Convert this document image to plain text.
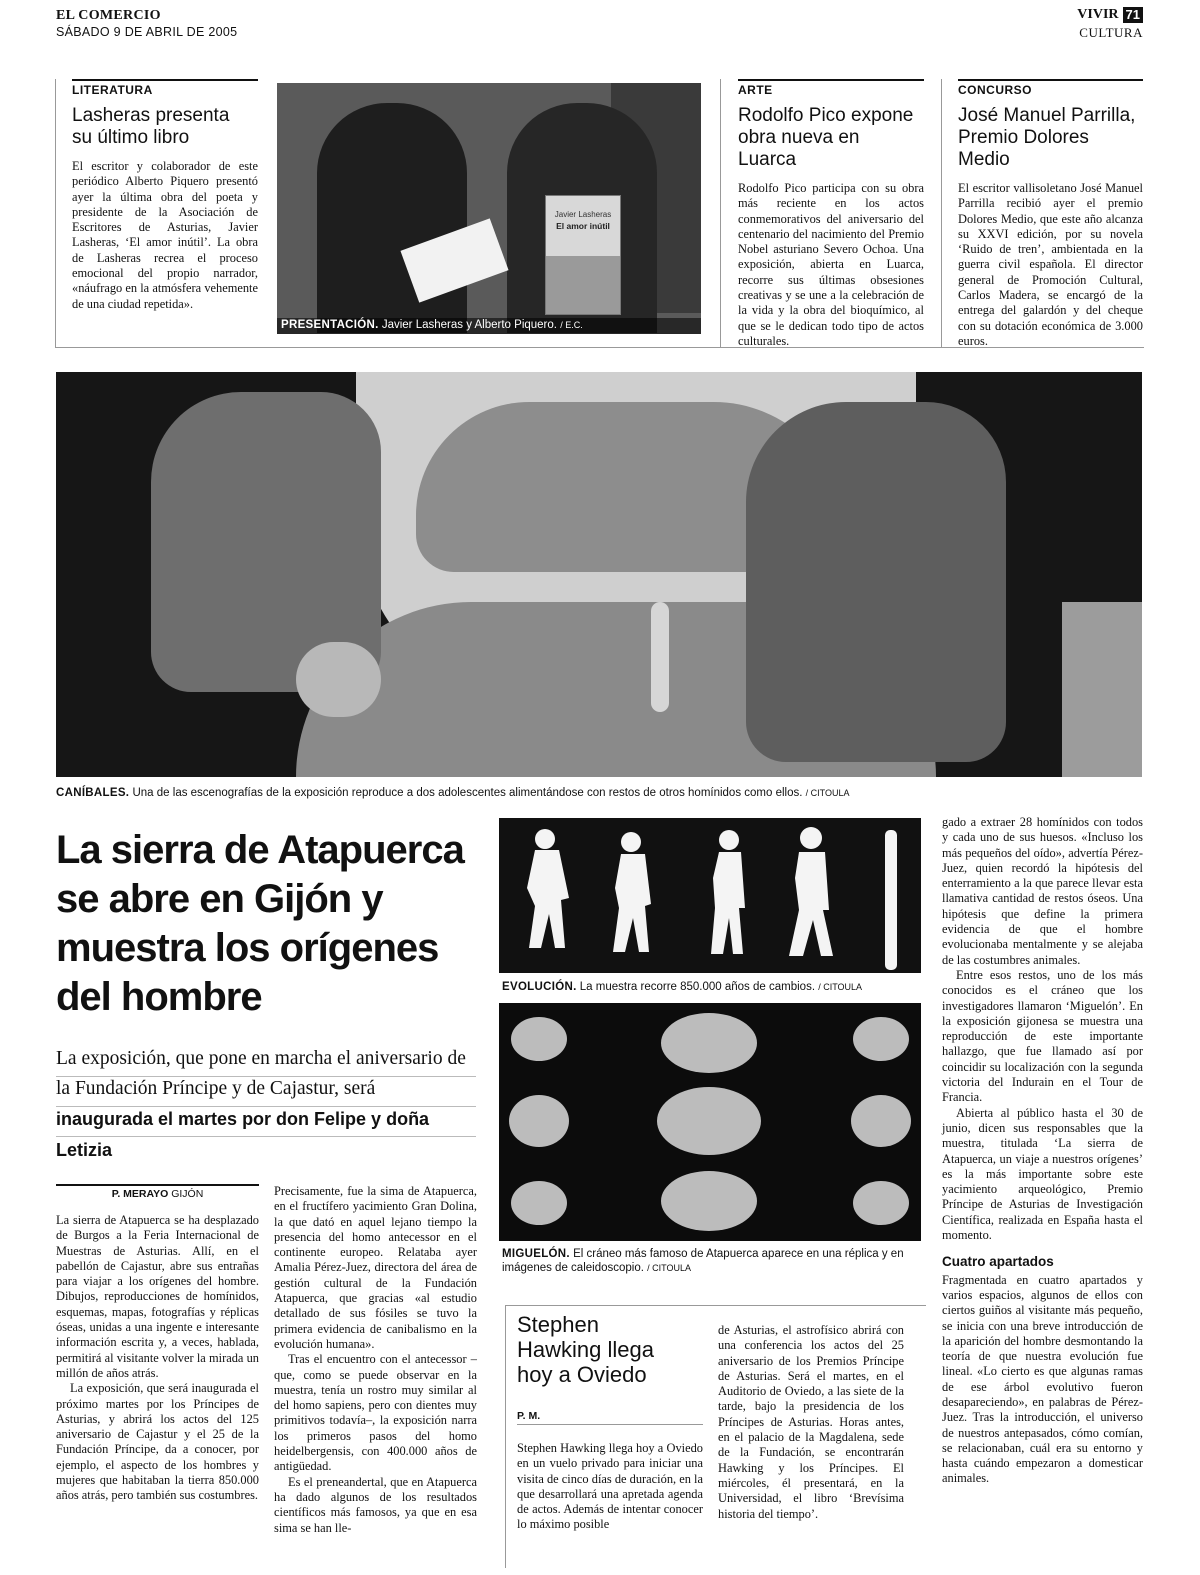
EL COMERCIO
SÁBADO 9 DE ABRIL DE 2005
VIVIR 71
CULTURA
LITERATURA
Lasheras presenta su último libro
El escritor y colaborador de este periódico Alberto Piquero presentó ayer la última obra del poeta y presidente de la Asociación de Escritores de Asturias, Javier Lasheras, ‘El amor inútil’. La obra de Lasheras recrea el proceso emocional del propio narrador, «náufrago en la atmósfera vehemente de una ciudad repetida».
Javier Lasheras
El amor inútil
PRESENTACIÓN. Javier Lasheras y Alberto Piquero. / E.C.
ARTE
Rodolfo Pico expone obra nueva en Luarca
Rodolfo Pico participa con su obra más reciente en los actos conmemorativos del aniversario del centenario del nacimiento del Premio Nobel asturiano Severo Ochoa. Una exposición, abierta en Luarca, recorre sus últimas obsesiones creativas y se une a la celebración de la vida y la obra del bioquímico, al que se le dedican todo tipo de actos culturales.
CONCURSO
José Manuel Parrilla, Premio Dolores Medio
El escritor vallisoletano José Manuel Parrilla recibió ayer el premio Dolores Medio, que este año alcanza su XXVI edición, por su novela ‘Ruido de tren’, ambientada en la guerra civil española. El director general de Promoción Cultural, Carlos Madera, se encargó de la entrega del galardón y del cheque con su dotación económica de 3.000 euros.
CANÍBALES. Una de las escenografías de la exposición reproduce a dos adolescentes alimentándose con restos de otros homínidos como ellos. / CITOULA
La sierra de Atapuerca se abre en Gijón y muestra los orígenes del hombre
La exposición, que pone en marcha el aniversario de la Fundación Príncipe y de Cajastur, será inaugurada el martes por don Felipe y doña Letizia
P. MERAYO GIJÓN

La sierra de Atapuerca se ha desplazado de Burgos a la Feria Internacional de Muestras de Asturias. Allí, en el pabellón de Cajastur, abre sus entrañas para viajar a los orígenes del hombre. Dibujos, reproducciones de homínidos, esquemas, mapas, fotografías y réplicas óseas, unidas a una ingente e interesante información escrita y, a veces, hablada, permitirá al visitante volver la mirada un millón de años atrás.

La exposición, que será inaugurada el próximo martes por los Príncipes de Asturias, y abrirá los actos del 125 aniversario de Cajastur y el 25 de la Fundación Príncipe, da a conocer, por ejemplo, el aspecto de los hombres y mujeres que habitaban la tierra 850.000 años atrás, pero también sus costumbres.

Precisamente, fue la sima de Atapuerca, en el fructífero yacimiento Gran Dolina, la que dató en aquel lejano tiempo la presencia del homo antecessor en el continente europeo. Relataba ayer Amalia Pérez-Juez, directora del área de gestión cultural de la Fundación Atapuerca, que gracias «al estudio detallado de sus fósiles se tuvo la primera evidencia de canibalismo en la evolución humana».

Tras el encuentro con el antecessor –que, como se puede observar en la muestra, tenía un rostro muy similar al del homo sapiens, pero con dientes muy primitivos todavía–, la exposición narra los primeros pasos del homo heidelbergensis, con 400.000 años de antigüedad.

Es el preneandertal, que en Atapuerca ha dado algunos de los resultados científicos más famosos, ya que en esa sima se han lle-

EVOLUCIÓN. La muestra recorre 850.000 años de cambios. / CITOULA
MIGUELÓN. El cráneo más famoso de Atapuerca aparece en una réplica y en imágenes de caleidoscopio. / CITOULA
Stephen Hawking llega hoy a Oviedo
P. M.
Stephen Hawking llega hoy a Oviedo en un vuelo privado para iniciar una visita de cinco días de duración, en la que desarrollará una apretada agenda de actos. Además de intentar conocer lo máximo posible
de Asturias, el astrofísico abrirá con una conferencia los actos del 25 aniversario de los Premios Príncipe de Asturias. Será el martes, en el Auditorio de Oviedo, a las siete de la tarde, bajo la presidencia de los Príncipes de Asturias. Horas antes, en el palacio de la Magdalena, sede de la Fundación, se encontrarán Hawking y los Príncipes. El miércoles, él presentará, en la Universidad, el libro ‘Brevísima historia del tiempo’.

gado a extraer 28 homínidos con todos y cada uno de sus huesos. «Incluso los más pequeños del oído», advertía Pérez-Juez, quien recordó la hipótesis del enterramiento a la que parece llevar esta llamativa cantidad de restos óseos. Una hipótesis que define la primera evidencia de que el hombre evolucionaba mentalmente y se alejaba de las costumbres animales.

Entre esos restos, uno de los más conocidos es el cráneo que los investigadores llamaron ‘Miguelón’. En la exposición gijonesa se muestra una reproducción de este importante hallazgo, que fue llamado así por coincidir su localización con la segunda victoria del Indurain en el Tour de Francia.

Abierta al público hasta el 30 de junio, dicen sus responsables que la muestra, titulada ‘La sierra de Atapuerca, un viaje a nuestros orígenes’ es la más importante sobre este yacimiento arqueológico, Premio Príncipe de Asturias de Investigación Científica, realizada en España hasta el momento.

Cuatro apartados

Fragmentada en cuatro apartados y varios espacios, algunos de ellos con ciertos guiños al visitante más pequeño, se inicia con una breve introducción de la aparición del hombre desmontando la teoría de que nuestra evolución fue lineal. «Lo cierto es que algunas ramas de ese árbol evolutivo fueron desapareciendo», en palabras de Pérez-Juez. Tras la introducción, el universo de nuestros antepasados, cómo comían, se relacionaban, cuál era su entorno y hasta cuándo empezaron a domesticar animales.
